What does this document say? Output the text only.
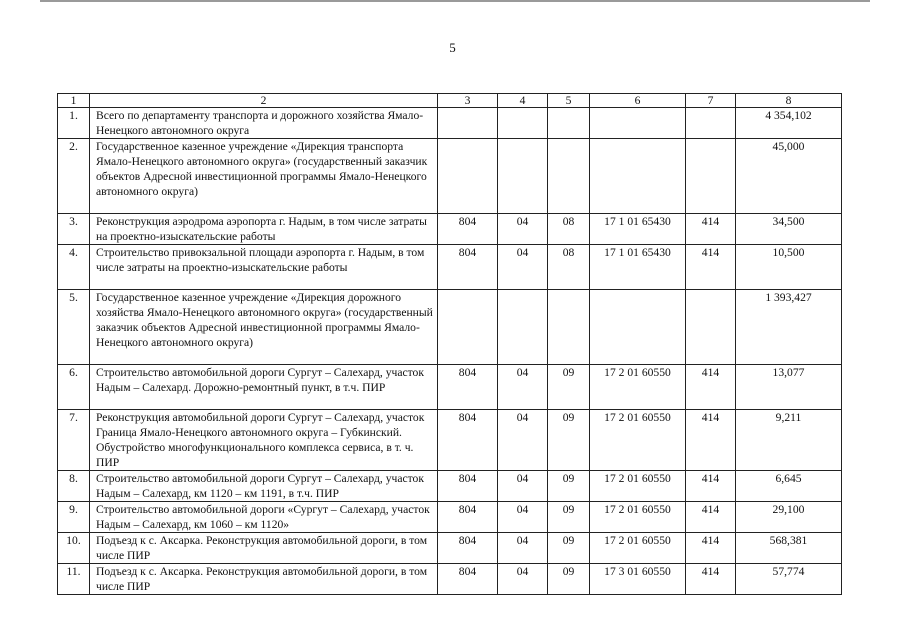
5
1	2	3	4	5	6	7	8
1.	Всего по департаменту транспорта и дорожного хозяйства Ямало-Ненецкого автономного округа						4 354,102
2.	Государственное казенное учреждение «Дирекция транспорта Ямало-Ненецкого автономного округа» (государственный заказчик объектов Адресной инвестиционной программы Ямало-Ненецкого автономного округа)						45,000
3.	Реконструкция аэродрома аэропорта г. Надым, в том числе затраты на проектно-изыскательские работы	804	04	08	17 1 01 65430	414	34,500
4.	Строительство привокзальной площади аэропорта г. Надым, в том числе затраты на проектно-изыскательские работы	804	04	08	17 1 01 65430	414	10,500
5.	Государственное казенное учреждение «Дирекция дорожного хозяйства Ямало-Ненецкого автономного округа» (государственный заказчик объектов Адресной инвестиционной программы Ямало-Ненецкого автономного округа)						1 393,427
6.	Строительство автомобильной дороги Сургут – Салехард, участок Надым – Салехард. Дорожно-ремонтный пункт, в т.ч. ПИР	804	04	09	17 2 01 60550	414	13,077
7.	Реконструкция автомобильной дороги Сургут – Салехард, участок Граница Ямало-Ненецкого автономного округа – Губкинский. Обустройство многофункционального комплекса сервиса, в т. ч. ПИР	804	04	09	17 2 01 60550	414	9,211
8.	Строительство автомобильной дороги Сургут – Салехард, участок Надым – Салехард, км 1120 – км 1191, в т.ч. ПИР	804	04	09	17 2 01 60550	414	6,645
9.	Строительство автомобильной дороги «Сургут – Салехард, участок Надым – Салехард, км 1060 – км 1120»	804	04	09	17 2 01 60550	414	29,100
10.	Подъезд к с. Аксарка. Реконструкция автомобильной дороги, в том числе ПИР	804	04	09	17 2 01 60550	414	568,381
11.	Подъезд к с. Аксарка. Реконструкция автомобильной дороги, в том числе ПИР	804	04	09	17 3 01 60550	414	57,774
